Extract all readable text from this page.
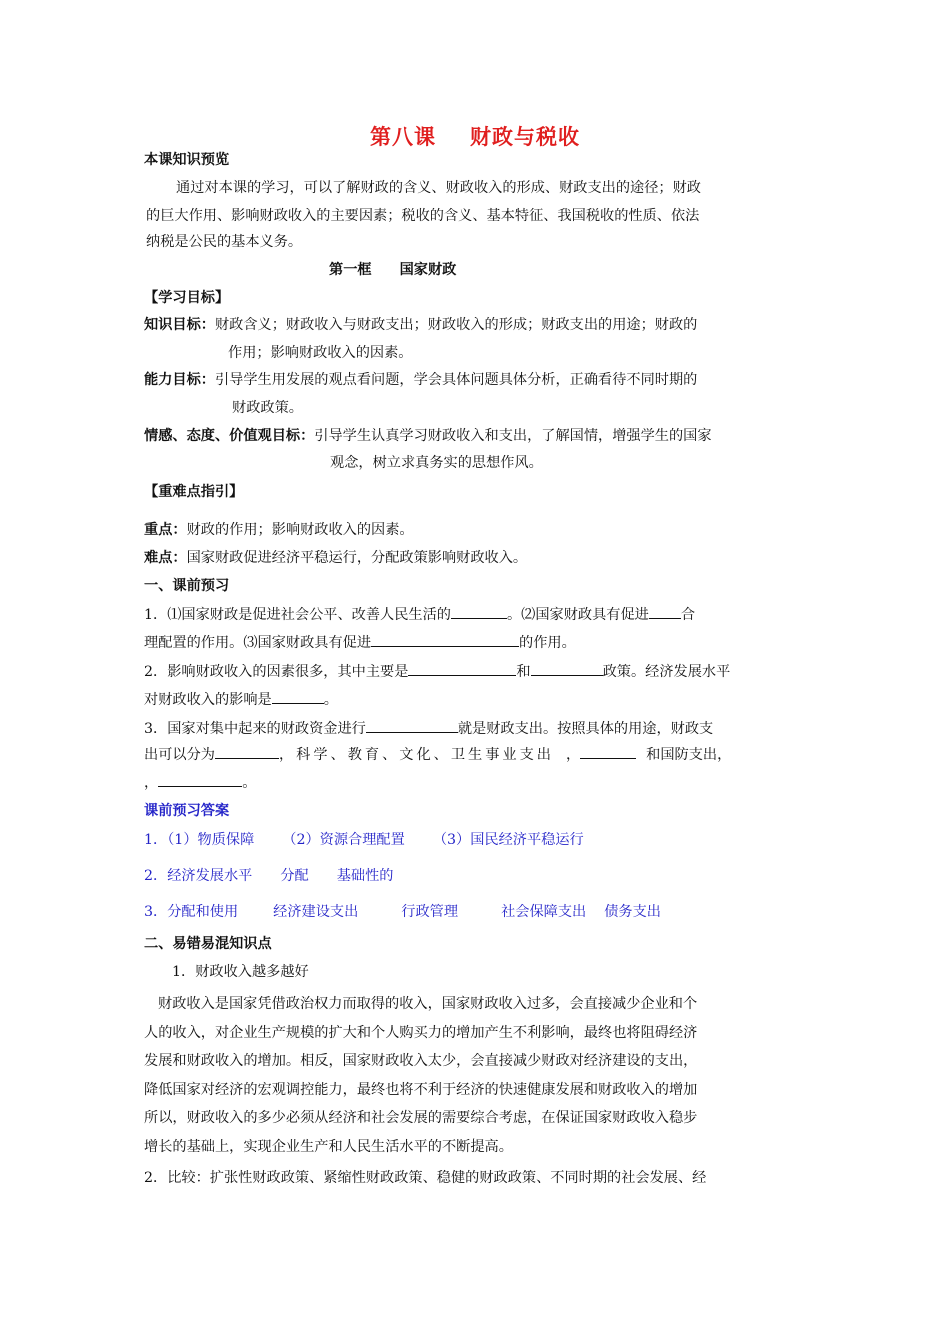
第八课 财政与税收
本课知识预览
通过对本课的学习，可以了解财政的含义、财政收入的形成、财政支出的途径；财政
的巨大作用、影响财政收入的主要因素；税收的含义、基本特征、我国税收的性质、依法
纳税是公民的基本义务。
第一框 国家财政
【学习目标】
知识目标：财政含义；财政收入与财政支出；财政收入的形成；财政支出的用途；财政的
作用；影响财政收入的因素。
能力目标：引导学生用发展的观点看问题，学会具体问题具体分析，正确看待不同时期的
财政政策。
情感、态度、价值观目标：引导学生认真学习财政收入和支出，了解国情，增强学生的国家
观念，树立求真务实的思想作风。
【重难点指引】
重点：财政的作用；影响财政收入的因素。
难点：国家财政促进经济平稳运行，分配政策影响财政收入。
一、课前预习
1．⑴国家财政是促进社会公平、改善人民生活的	。⑵国家财政具有促进 合
理配置的作用。⑶国家财政具有促进	的作用。
2．影响财政收入的因素很多，其中主要是	和	政策。经济发展水平
对财政收入的影响是	。
3．国家对集中起来的财政资金进行	就是财政支出。按照具体的用途，财政支
出可以分为	，科学、教育、文化、卫生事业支出 ，	和国防支出，
，	。
课前预习答案
1．（1）物质保障 （2）资源合理配置 （3）国民经济平稳运行
2．经济发展水平 分配 基础性的
3．分配和使用 经济建设支出	行政管理	社会保障支出 债务支出
二、易错易混知识点
1．财政收入越多越好
财政收入是国家凭借政治权力而取得的收入，国家财政收入过多，会直接减少企业和个
人的收入，对企业生产规模的扩大和个人购买力的增加产生不利影响，最终也将阻碍经济
发展和财政收入的增加。相反，国家财政收入太少，会直接减少财政对经济建设的支出，
降低国家对经济的宏观调控能力，最终也将不利于经济的快速健康发展和财政收入的增加
所以，财政收入的多少必须从经济和社会发展的需要综合考虑，在保证国家财政收入稳步
增长的基础上，实现企业生产和人民生活水平的不断提高。
2．比较：扩张性财政政策、紧缩性财政政策、稳健的财政政策、不同时期的社会发展、经
